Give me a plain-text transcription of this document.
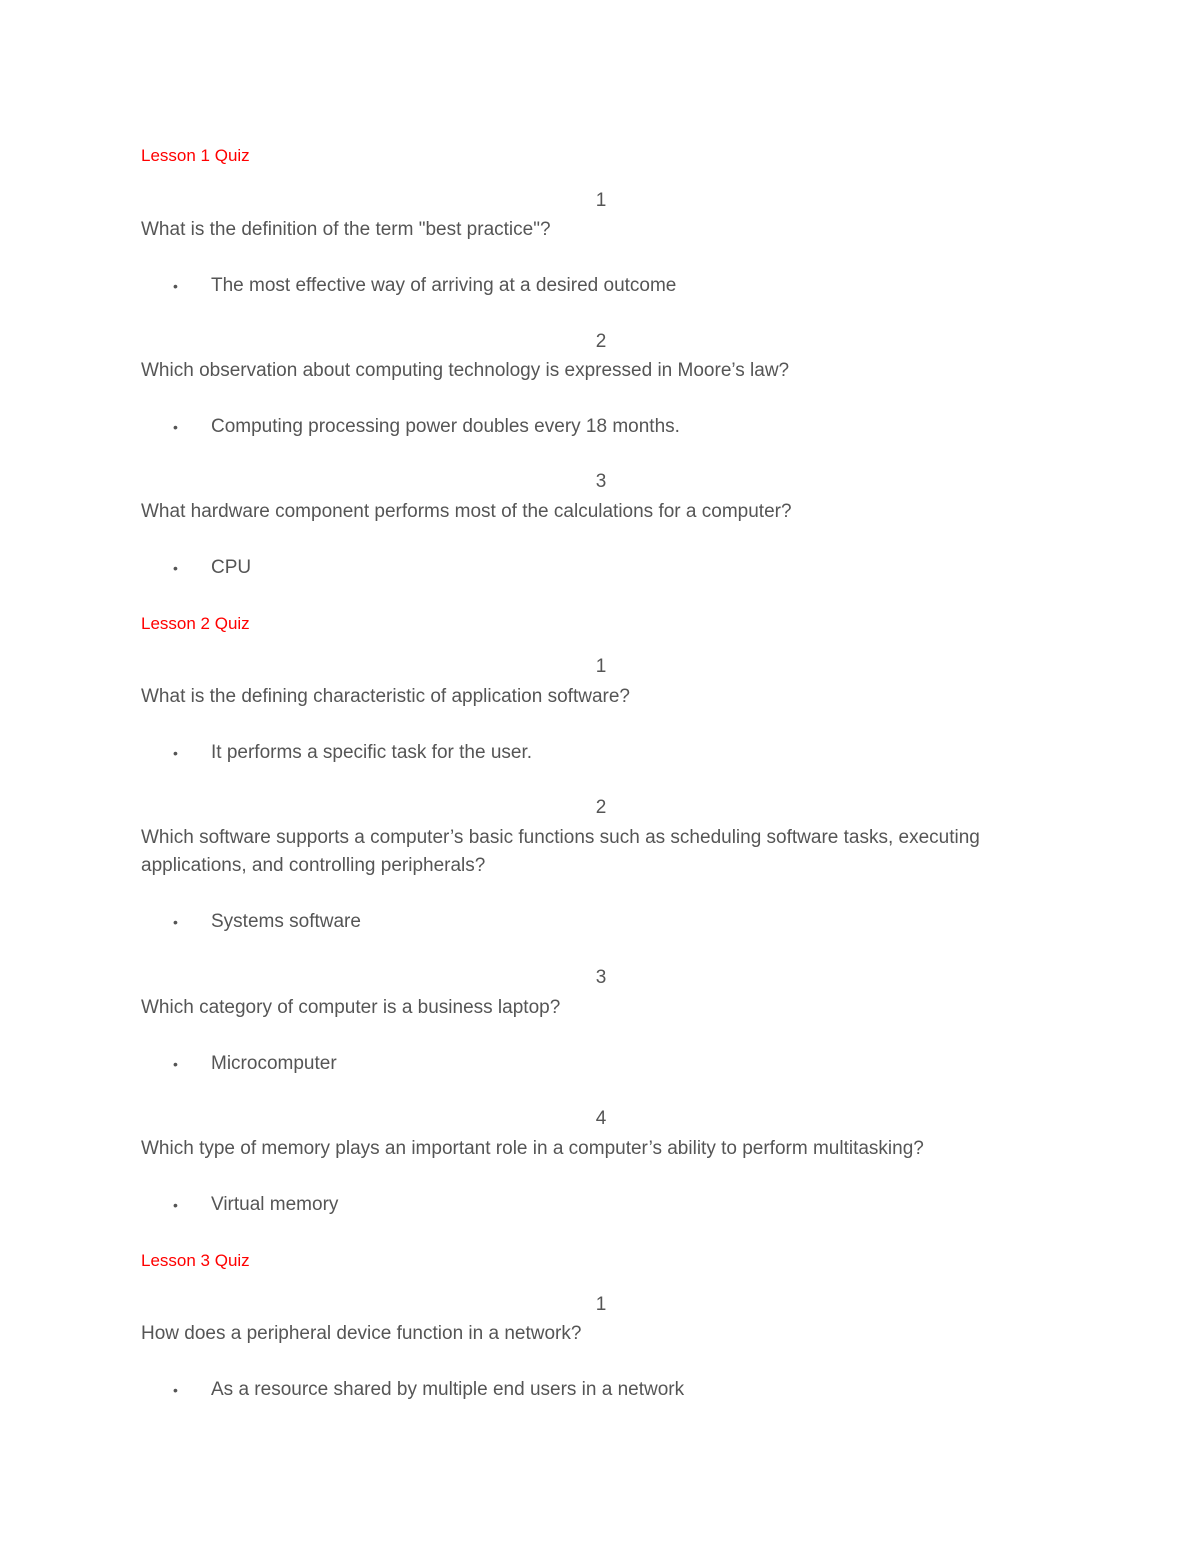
Lesson 1 Quiz
1
What is the definition of the term "best practice"?
• The most effective way of arriving at a desired outcome
2
Which observation about computing technology is expressed in Moore’s law?
• Computing processing power doubles every 18 months.
3
What hardware component performs most of the calculations for a computer?
• CPU
Lesson 2 Quiz
1
What is the defining characteristic of application software?
• It performs a specific task for the user.
2
Which software supports a computer’s basic functions such as scheduling software tasks, executing applications, and controlling peripherals?
• Systems software
3
Which category of computer is a business laptop?
• Microcomputer
4
Which type of memory plays an important role in a computer’s ability to perform multitasking?
• Virtual memory
Lesson 3 Quiz
1
How does a peripheral device function in a network?
• As a resource shared by multiple end users in a network
